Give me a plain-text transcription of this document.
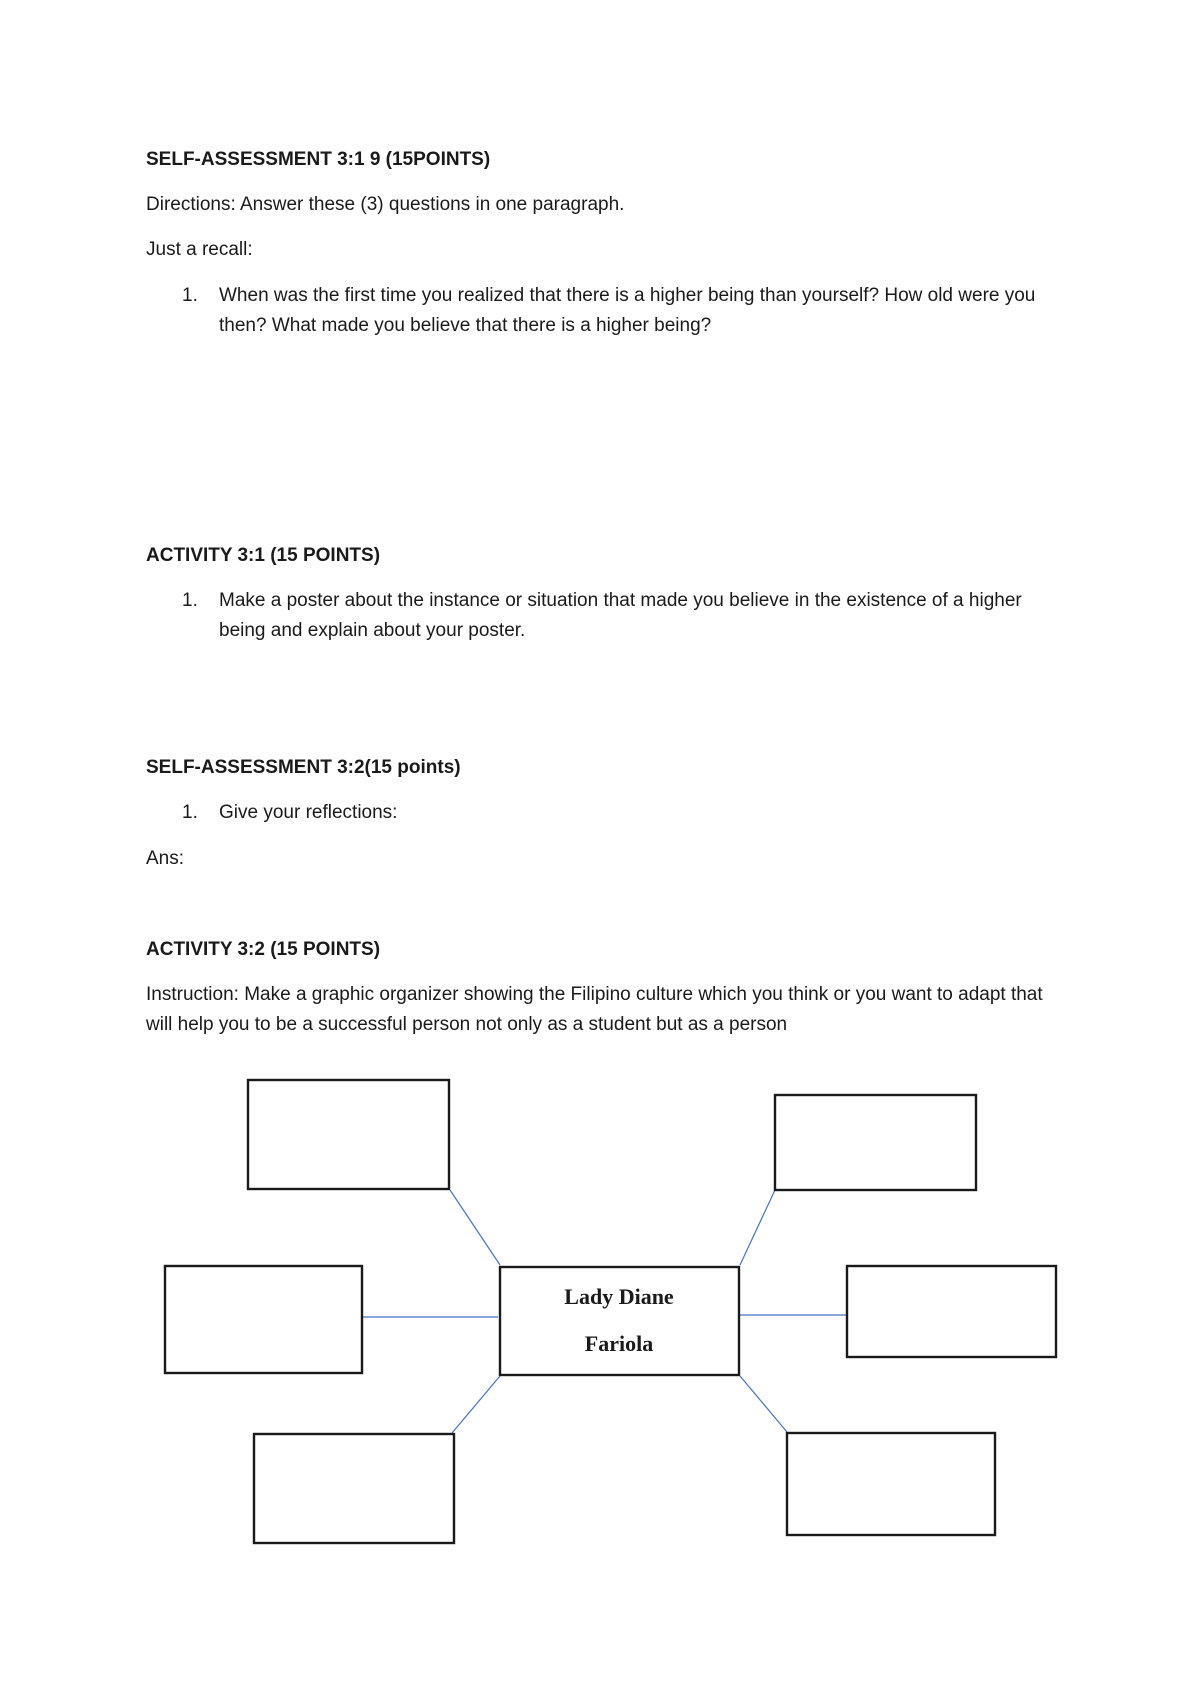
SELF-ASSESSMENT 3:1 9 (15POINTS)
Directions: Answer these (3) questions in one paragraph.
Just a recall:
1. When was the first time you realized that there is a higher being than yourself? How old were you then? What made you believe that there is a higher being?
ACTIVITY 3:1 (15 POINTS)
1. Make a poster about the instance or situation that made you believe in the existence of a higher being and explain about your poster.
SELF-ASSESSMENT 3:2(15 points)
1. Give your reflections:
Ans:
ACTIVITY 3:2 (15 POINTS)
Instruction: Make a graphic organizer showing the Filipino culture which you think or you want to adapt that will help you to be a successful person not only as a student but as a person
Lady Diane
Fariola
